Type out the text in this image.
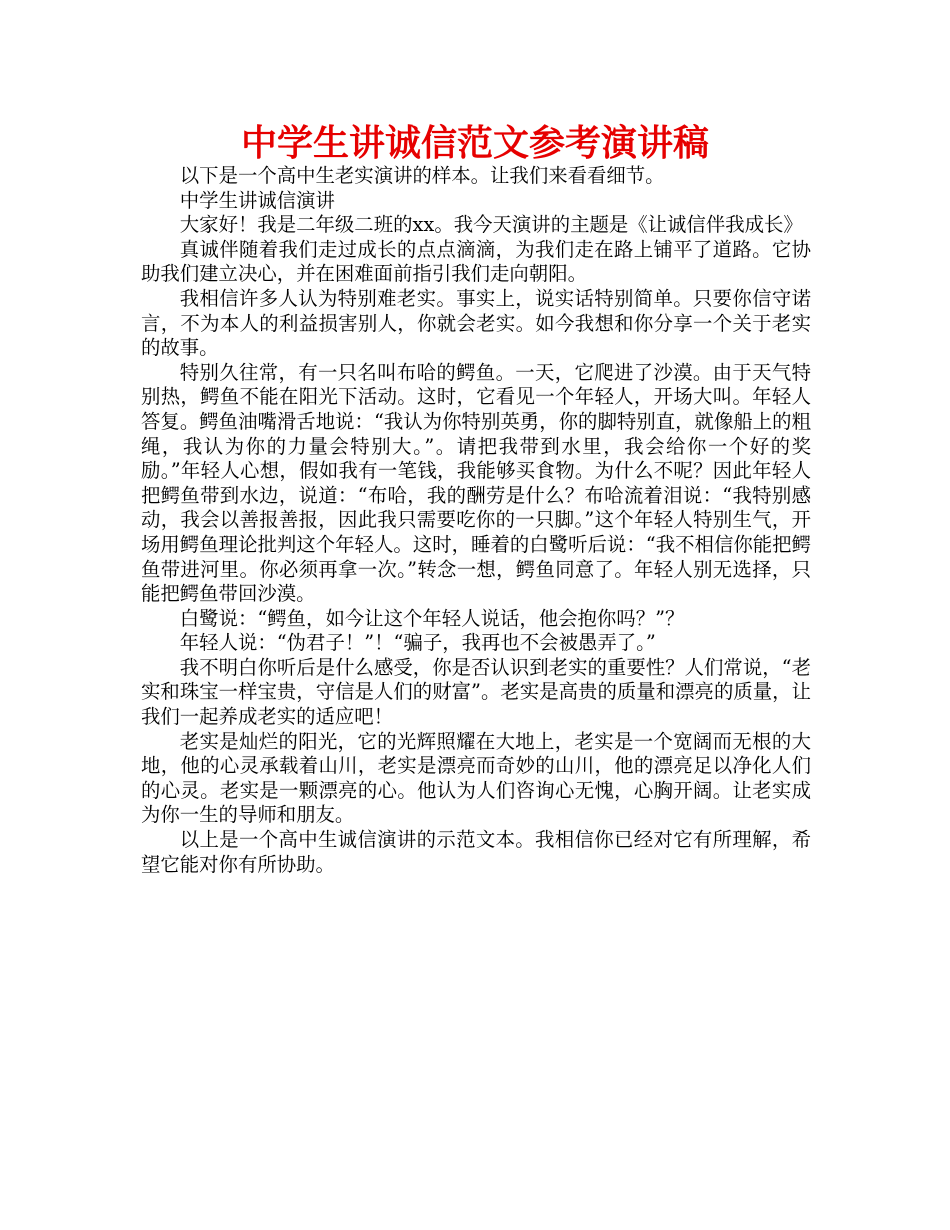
中学生讲诚信范文参考演讲稿

以下是一个高中生老实演讲的样本。让我们来看看细节。

中学生讲诚信演讲

大家好！我是二年级二班的xx。我今天演讲的主题是《让诚信伴我成长》

真诚伴随着我们走过成长的点点滴滴，为我们走在路上铺平了道路。它协助我们建立决心，并在困难面前指引我们走向朝阳。

我相信许多人认为特别难老实。事实上，说实话特别简单。只要你信守诺言，不为本人的利益损害别人，你就会老实。如今我想和你分享一个关于老实的故事。

特别久往常，有一只名叫布哈的鳄鱼。一天，它爬进了沙漠。由于天气特别热，鳄鱼不能在阳光下活动。这时，它看见一个年轻人，开场大叫。年轻人答复。鳄鱼油嘴滑舌地说：“我认为你特别英勇，你的脚特别直，就像船上的粗绳，我认为你的力量会特别大。”。请把我带到水里，我会给你一个好的奖励。”年轻人心想，假如我有一笔钱，我能够买食物。为什么不呢？因此年轻人把鳄鱼带到水边，说道：“布哈，我的酬劳是什么？布哈流着泪说：“我特别感动，我会以善报善报，因此我只需要吃你的一只脚。”这个年轻人特别生气，开场用鳄鱼理论批判这个年轻人。这时，睡着的白鹭听后说：“我不相信你能把鳄鱼带进河里。你必须再拿一次。”转念一想，鳄鱼同意了。年轻人别无选择，只能把鳄鱼带回沙漠。

白鹭说：“鳄鱼，如今让这个年轻人说话，他会抱你吗？”？

年轻人说：“伪君子！”！“骗子，我再也不会被愚弄了。”

我不明白你听后是什么感受，你是否认识到老实的重要性？人们常说，“老实和珠宝一样宝贵，守信是人们的财富”。老实是高贵的质量和漂亮的质量，让我们一起养成老实的适应吧！

老实是灿烂的阳光，它的光辉照耀在大地上，老实是一个宽阔而无根的大地，他的心灵承载着山川，老实是漂亮而奇妙的山川，他的漂亮足以净化人们的心灵。老实是一颗漂亮的心。他认为人们咨询心无愧，心胸开阔。让老实成为你一生的导师和朋友。

以上是一个高中生诚信演讲的示范文本。我相信你已经对它有所理解，希望它能对你有所协助。
